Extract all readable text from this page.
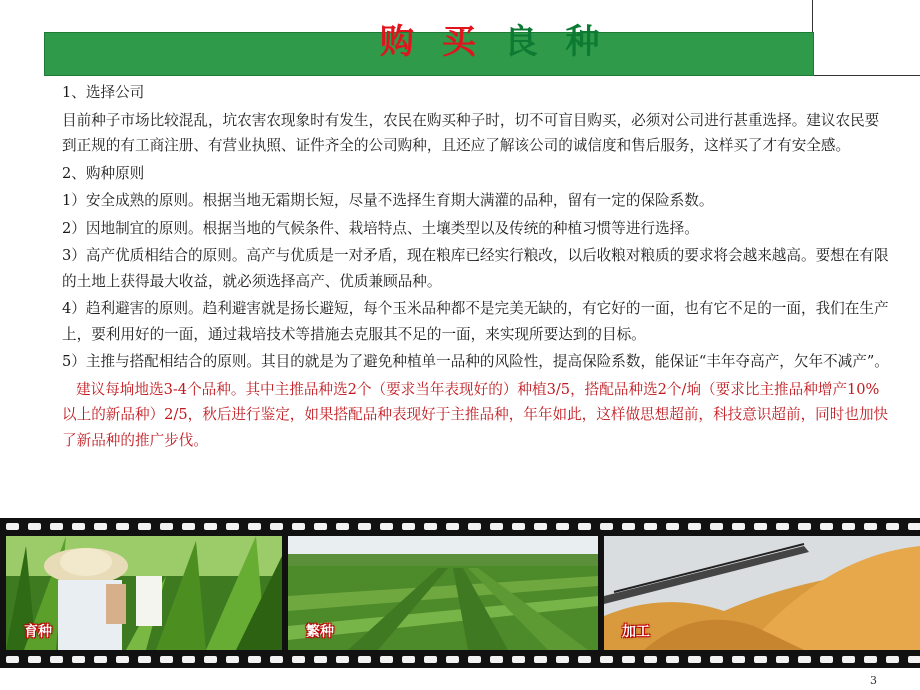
购 买 良 种

1、选择公司

目前种子市场比较混乱，坑农害农现象时有发生，农民在购买种子时，切不可盲目购买，必须对公司进行甚重选择。建议农民要到正规的有工商注册、有营业执照、证件齐全的公司购种，且还应了解该公司的诚信度和售后服务，这样买了才有安全感。

2、购种原则

1）安全成熟的原则。根据当地无霜期长短，尽量不选择生育期大满灌的品种，留有一定的保险系数。

2）因地制宜的原则。根据当地的气候条件、栽培特点、土壤类型以及传统的种植习惯等进行选择。

3）高产优质相结合的原则。高产与优质是一对矛盾，现在粮库已经实行粮改，以后收粮对粮质的要求将会越来越高。要想在有限的土地上获得最大收益，就必须选择高产、优质兼顾品种。

4）趋利避害的原则。趋利避害就是扬长避短，每个玉米品种都不是完美无缺的，有它好的一面，也有它不足的一面，我们在生产上，要利用好的一面，通过栽培技术等措施去克服其不足的一面，来实现所要达到的目标。

5）主推与搭配相结合的原则。其目的就是为了避免种植单一品种的风险性，提高保险系数，能保证“丰年夺高产，欠年不减产”。

建议每垧地选3-4个品种。其中主推品种选2个（要求当年表现好的）种植3/5，搭配品种选2个/垧（要求比主推品种增产10%以上的新品种）2/5，秋后进行鉴定，如果搭配品种表现好于主推品种，年年如此，这样做思想超前，科技意识超前，同时也加快了新品种的推广步伐。

育种	繁种	加工
3
